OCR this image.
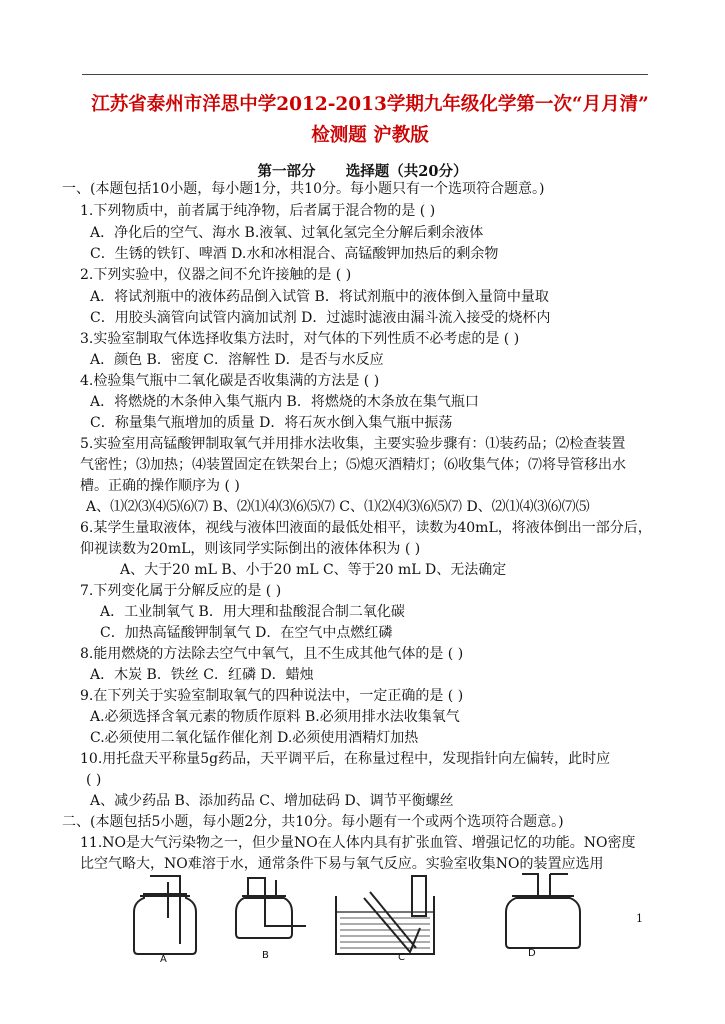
江苏省泰州市洋思中学2012-2013学期九年级化学第一次“月月清”
检测题 沪教版
第一部分      选择题（共20分）
一、(本题包括10小题，每小题1分，共10分。每小题只有一个选项符合题意。)
1.下列物质中，前者属于纯净物，后者属于混合物的是 ( )
A．净化后的空气、海水 B.液氧、过氧化氢完全分解后剩余液体
C．生锈的铁钉、啤酒 D.水和冰相混合、高锰酸钾加热后的剩余物
2.下列实验中，仪器之间不允许接触的是 ( )
A．将试剂瓶中的液体药品倒入试管 B．将试剂瓶中的液体倒入量筒中量取
C．用胶头滴管向试管内滴加试剂 D．过滤时滤液由漏斗流入接受的烧杯内
3.实验室制取气体选择收集方法时，对气体的下列性质不必考虑的是 ( )
A．颜色 B．密度 C．溶解性 D．是否与水反应
4.检验集气瓶中二氧化碳是否收集满的方法是 ( )
A．将燃烧的木条伸入集气瓶内 B．将燃烧的木条放在集气瓶口
C．称量集气瓶增加的质量 D．将石灰水倒入集气瓶中振荡
5.实验室用高锰酸钾制取氧气并用排水法收集，主要实验步骤有：⑴装药品；⑵检查装置
气密性；⑶加热；⑷装置固定在铁架台上；⑸熄灭酒精灯；⑹收集气体；⑺将导管移出水
槽。正确的操作顺序为 ( )
A、⑴⑵⑶⑷⑸⑹⑺ B、⑵⑴⑷⑶⑹⑸⑺ C、⑴⑵⑷⑶⑹⑸⑺ D、⑵⑴⑷⑶⑹⑺⑸
6.某学生量取液体，视线与液体凹液面的最低处相平，读数为40mL，将液体倒出一部分后，
仰视读数为20mL，则该同学实际倒出的液体体积为 ( )
A、大于20 mL B、小于20 mL C、等于20 mL D、无法确定
7.下列变化属于分解反应的是 ( )
A．工业制氧气 B．用大理和盐酸混合制二氧化碳
C．加热高锰酸钾制氧气 D．在空气中点燃红磷
8.能用燃烧的方法除去空气中氧气，且不生成其他气体的是 ( )
A．木炭 B．铁丝 C．红磷 D．蜡烛
9.在下列关于实验室制取氧气的四种说法中，一定正确的是 ( )
A.必须选择含氧元素的物质作原料 B.必须用排水法收集氧气
C.必须使用二氧化锰作催化剂 D.必须使用酒精灯加热
10.用托盘天平称量5g药品，天平调平后，在称量过程中，发现指针向左偏转，此时应
( )
A、减少药品 B、添加药品 C、增加砝码 D、调节平衡螺丝
二、(本题包括5小题，每小题2分，共10分。每小题有一个或两个选项符合题意。)
11.NO是大气污染物之一，但少量NO在人体内具有扩张血管、增强记忆的功能。NO密度
比空气略大，NO难溶于水，通常条件下易与氧气反应。实验室收集NO的装置应选用
A	B	C	D
1
